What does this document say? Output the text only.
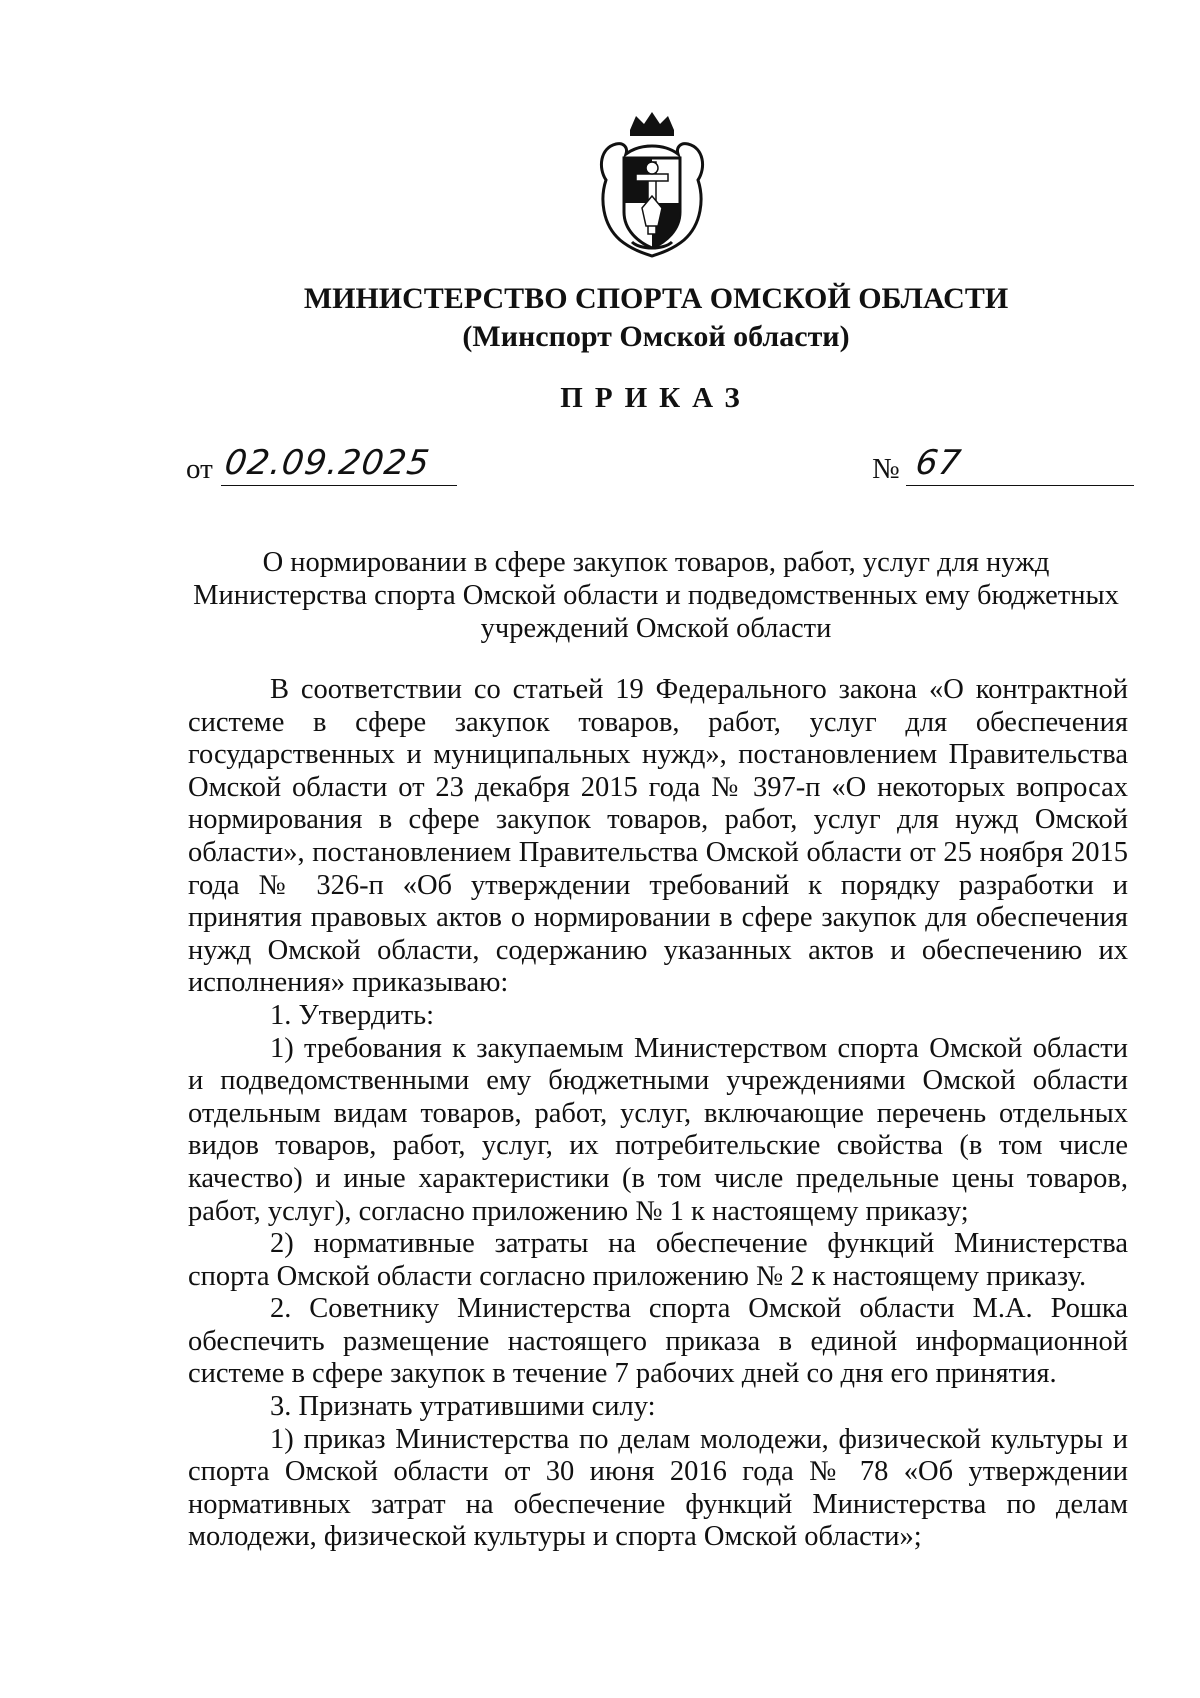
МИНИСТЕРСТВО СПОРТА ОМСКОЙ ОБЛАСТИ
(Минспорт Омской области)
ПРИКАЗ
от 02.09.2025	№ 67
О нормировании в сфере закупок товаров, работ, услуг для нужд
Министерства спорта Омской области и подведомственных ему бюджетных
учреждений Омской области

В соответствии со статьей 19 Федерального закона «О контрактной системе в сфере закупок товаров, работ, услуг для обеспечения государственных и муниципальных нужд», постановлением Правительства Омской области от 23 декабря 2015 года № 397-п «О некоторых вопросах нормирования в сфере закупок товаров, работ, услуг для нужд Омской области», постановлением Правительства Омской области от 25 ноября 2015 года № 326-п «Об утверждении требований к порядку разработки и принятия правовых актов о нормировании в сфере закупок для обеспечения нужд Омской области, содержанию указанных актов и обеспечению их исполнения» приказываю:

1. Утвердить:

1) требования к закупаемым Министерством спорта Омской области и подведомственными ему бюджетными учреждениями Омской области отдельным видам товаров, работ, услуг, включающие перечень отдельных видов товаров, работ, услуг, их потребительские свойства (в том числе качество) и иные характеристики (в том числе предельные цены товаров, работ, услуг), согласно приложению № 1 к настоящему приказу;

2) нормативные затраты на обеспечение функций Министерства спорта Омской области согласно приложению № 2 к настоящему приказу.

2. Советнику Министерства спорта Омской области М.А. Рошка обеспечить размещение настоящего приказа в единой информационной системе в сфере закупок в течение 7 рабочих дней со дня его принятия.

3. Признать утратившими силу:

1) приказ Министерства по делам молодежи, физической культуры и спорта Омской области от 30 июня 2016 года № 78 «Об утверждении нормативных затрат на обеспечение функций Министерства по делам молодежи, физической культуры и спорта Омской области»;
